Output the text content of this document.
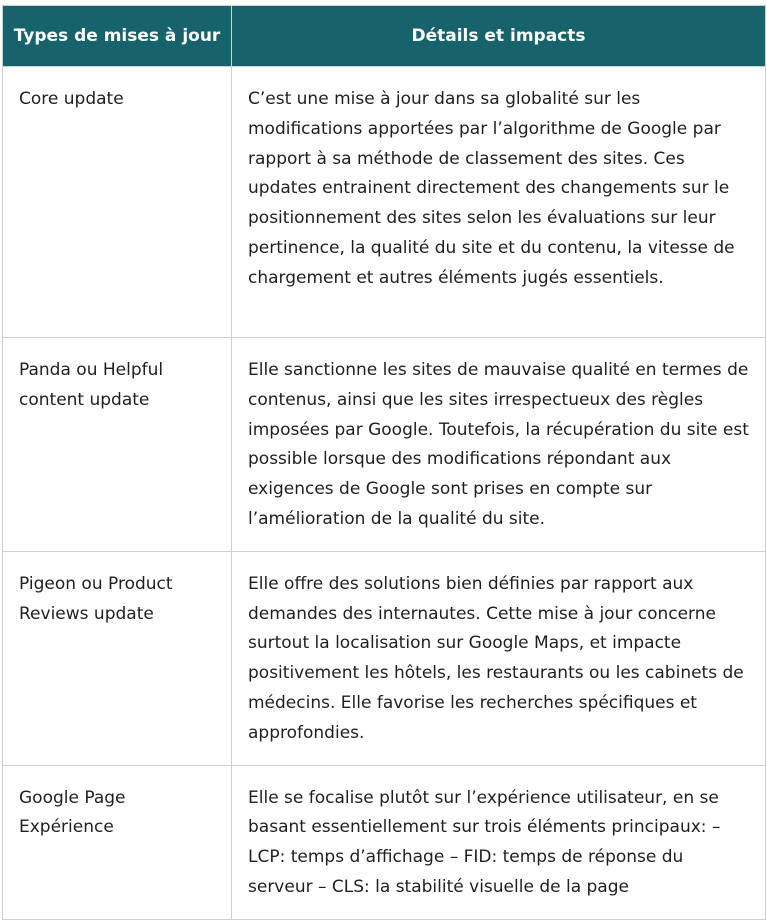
Types de mises à jour	Détails et impacts
Core update	C’est une mise à jour dans sa globalité sur les modifications apportées par l’algorithme de Google par rapport à sa méthode de classement des sites. Ces updates entrainent directement des changements sur le positionnement des sites selon les évaluations sur leur pertinence, la qualité du site et du contenu, la vitesse de chargement et autres éléments jugés essentiels.
Panda ou Helpful content update	Elle sanctionne les sites de mauvaise qualité en termes de contenus, ainsi que les sites irrespectueux des règles imposées par Google. Toutefois, la récupération du site est possible lorsque des modifications répondant aux exigences de Google sont prises en compte sur l’amélioration de la qualité du site.
Pigeon ou Product Reviews update	Elle offre des solutions bien définies par rapport aux demandes des internautes. Cette mise à jour concerne surtout la localisation sur Google Maps, et impacte positivement les hôtels, les restaurants ou les cabinets de médecins. Elle favorise les recherches spécifiques et approfondies.
Google Page Expérience	Elle se focalise plutôt sur l’expérience utilisateur, en se basant essentiellement sur trois éléments principaux: – LCP: temps d’affichage – FID: temps de réponse du serveur – CLS: la stabilité visuelle de la page
